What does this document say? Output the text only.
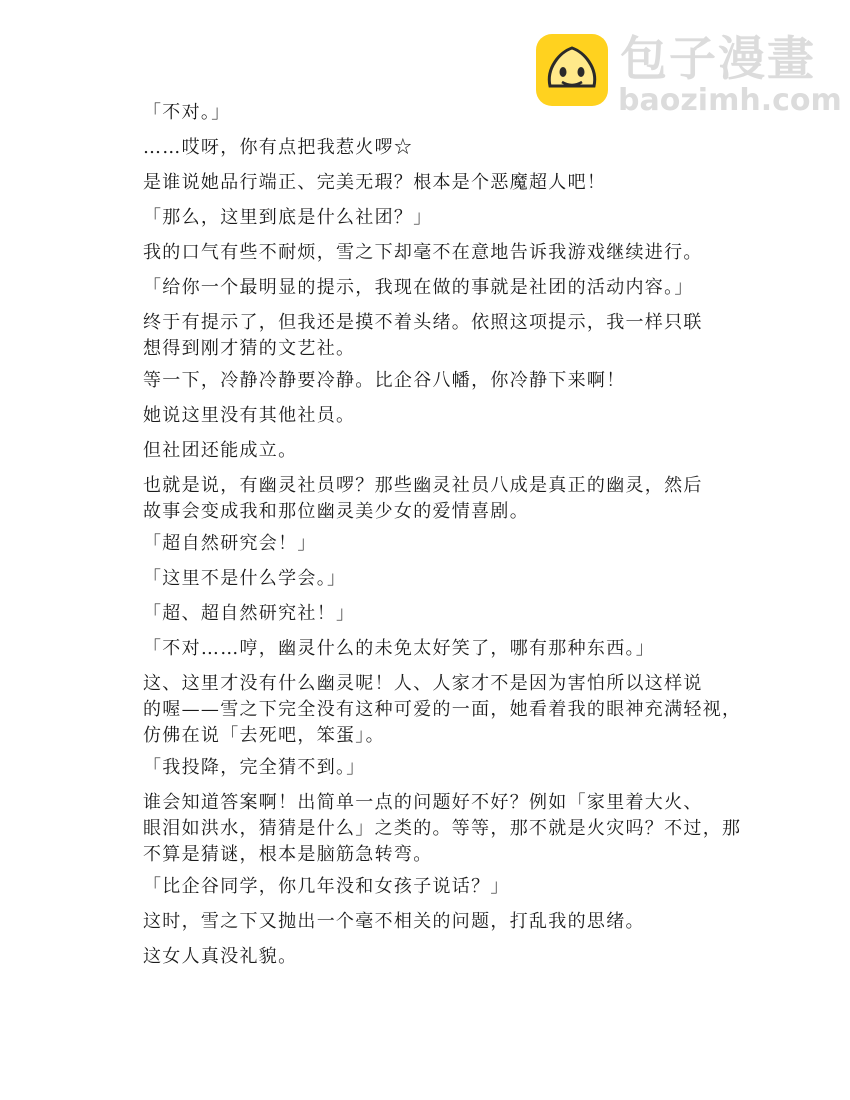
包子漫畫
baozimh.com

「不对。」

……哎呀，你有点把我惹火啰☆

是谁说她品行端正、完美无瑕？根本是个恶魔超人吧！

「那么，这里到底是什么社团？」

我的口气有些不耐烦，雪之下却毫不在意地告诉我游戏继续进行。

「给你一个最明显的提示，我现在做的事就是社团的活动内容。」

终于有提示了，但我还是摸不着头绪。依照这项提示，我一样只联
想得到刚才猜的文艺社。

等一下，冷静冷静要冷静。比企谷八幡，你冷静下来啊！

她说这里没有其他社员。

但社团还能成立。

也就是说，有幽灵社员啰？那些幽灵社员八成是真正的幽灵，然后
故事会变成我和那位幽灵美少女的爱情喜剧。

「超自然研究会！」

「这里不是什么学会。」

「超、超自然研究社！」

「不对……哼，幽灵什么的未免太好笑了，哪有那种东西。」

这、这里才没有什么幽灵呢！人、人家才不是因为害怕所以这样说
的喔——雪之下完全没有这种可爱的一面，她看着我的眼神充满轻视，
仿佛在说「去死吧，笨蛋」。

「我投降，完全猜不到。」

谁会知道答案啊！出简单一点的问题好不好？例如「家里着大火、
眼泪如洪水，猜猜是什么」之类的。等等，那不就是火灾吗？不过，那
不算是猜谜，根本是脑筋急转弯。

「比企谷同学，你几年没和女孩子说话？」

这时，雪之下又抛出一个毫不相关的问题，打乱我的思绪。

这女人真没礼貌。
